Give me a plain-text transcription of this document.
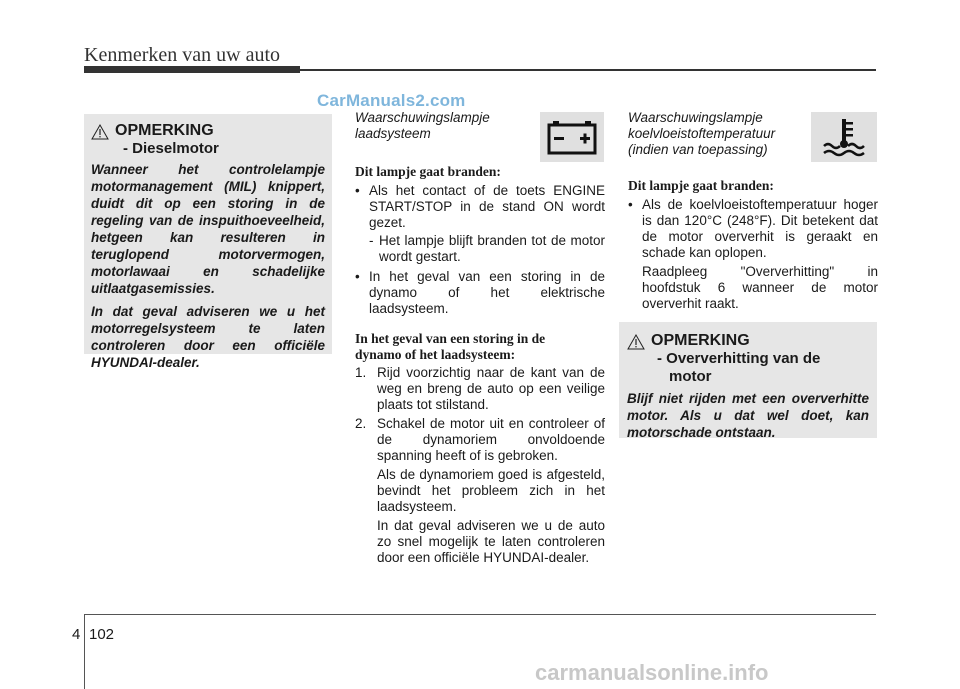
Kenmerken van uw auto
CarManuals2.com
OPMERKING
- Dieselmotor

Wanneer het controlelampje motormanagement (MIL) knippert, duidt dit op een storing in de regeling van de inspuithoeveelheid, hetgeen kan resulteren in teruglopend motorvermogen, motorlawaai en schadelijke uitlaatgasemissies.

In dat geval adviseren we u het motorregelsysteem te laten controleren door een officiële HYUNDAI-dealer.

Waarschuwingslampje laadsysteem
Dit lampje gaat branden:
• Als het contact of de toets ENGINE START/STOP in de stand ON wordt gezet.
- Het lampje blijft branden tot de motor wordt gestart.
• In het geval van een storing in de dynamo of het elektrische laadsysteem.
In het geval van een storing in de dynamo of het laadsysteem:
1. Rijd voorzichtig naar de kant van de weg en breng de auto op een veilige plaats tot stilstand.
2. Schakel de motor uit en controleer of de dynamoriem onvoldoende spanning heeft of is gebroken.
Als de dynamoriem goed is afgesteld, bevindt het probleem zich in het laadsysteem.
In dat geval adviseren we u de auto zo snel mogelijk te laten controleren door een officiële HYUNDAI-dealer.
Waarschuwingslampje
koelvloeistoftemperatuur
(indien van toepassing)
Dit lampje gaat branden:
• Als de koelvloeistoftemperatuur hoger is dan 120°C (248°F). Dit betekent dat de motor oververhit is geraakt en schade kan oplopen.
Raadpleeg "Oververhitting" in hoofdstuk 6 wanneer de motor oververhit raakt.
OPMERKING
- Oververhitting van de
motor

Blijf niet rijden met een oververhitte motor. Als u dat wel doet, kan motorschade ontstaan.

4 102
carmanualsonline.info
